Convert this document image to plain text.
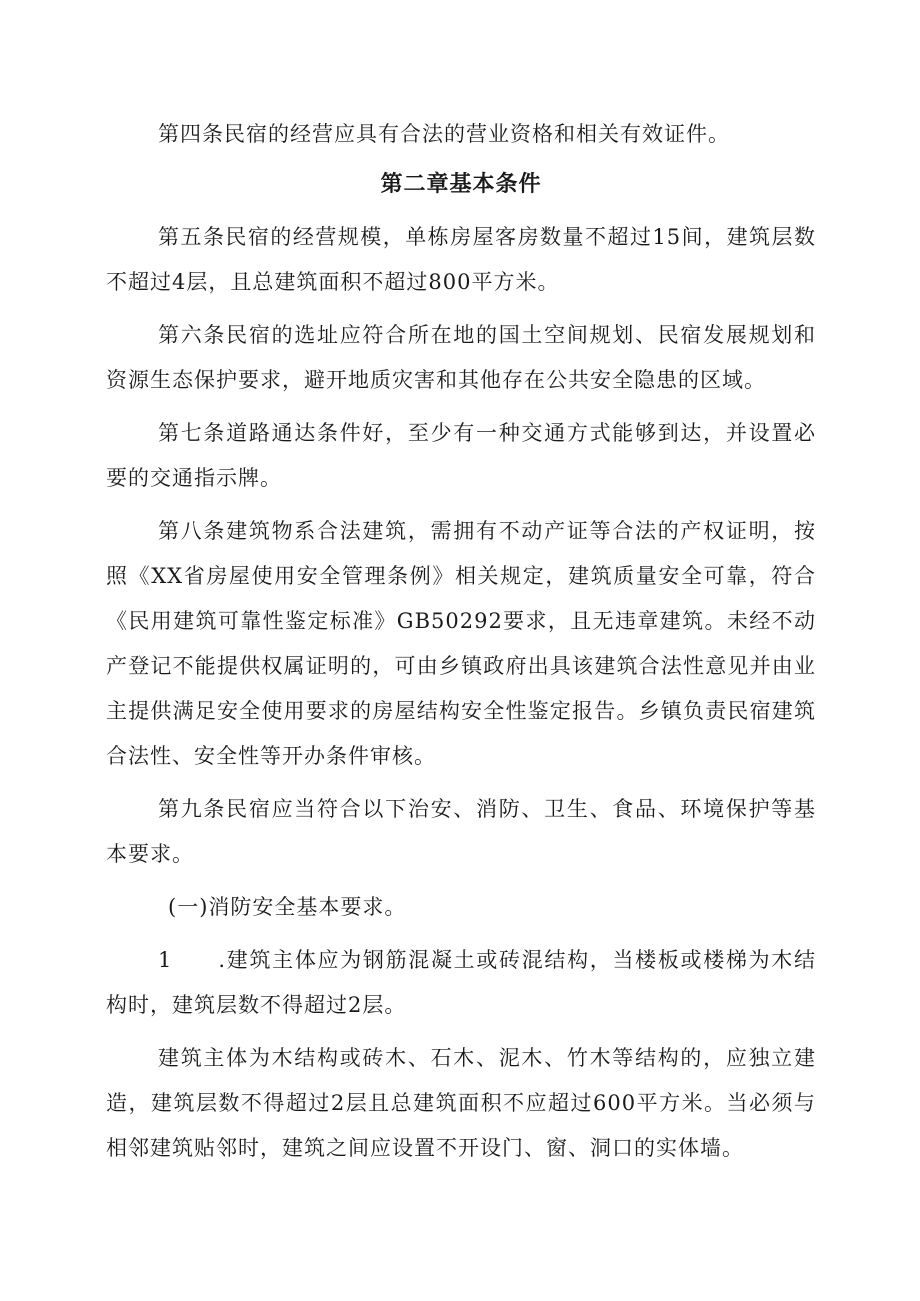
第四条民宿的经营应具有合法的营业资格和相关有效证件。

第二章基本条件

第五条民宿的经营规模，单栋房屋客房数量不超过15间，建筑层数不超过4层，且总建筑面积不超过800平方米。

第六条民宿的选址应符合所在地的国土空间规划、民宿发展规划和资源生态保护要求，避开地质灾害和其他存在公共安全隐患的区域。

第七条道路通达条件好，至少有一种交通方式能够到达，并设置必要的交通指示牌。

第八条建筑物系合法建筑，需拥有不动产证等合法的产权证明，按照《XX省房屋使用安全管理条例》相关规定，建筑质量安全可靠，符合《民用建筑可靠性鉴定标准》GB50292要求，且无违章建筑。未经不动产登记不能提供权属证明的，可由乡镇政府出具该建筑合法性意见并由业主提供满足安全使用要求的房屋结构安全性鉴定报告。乡镇负责民宿建筑合法性、安全性等开办条件审核。

第九条民宿应当符合以下治安、消防、卫生、食品、环境保护等基本要求。

(一)消防安全基本要求。

1　　.建筑主体应为钢筋混凝土或砖混结构，当楼板或楼梯为木结构时，建筑层数不得超过2层。

建筑主体为木结构或砖木、石木、泥木、竹木等结构的，应独立建造，建筑层数不得超过2层且总建筑面积不应超过600平方米。当必须与相邻建筑贴邻时，建筑之间应设置不开设门、窗、洞口的实体墙。
